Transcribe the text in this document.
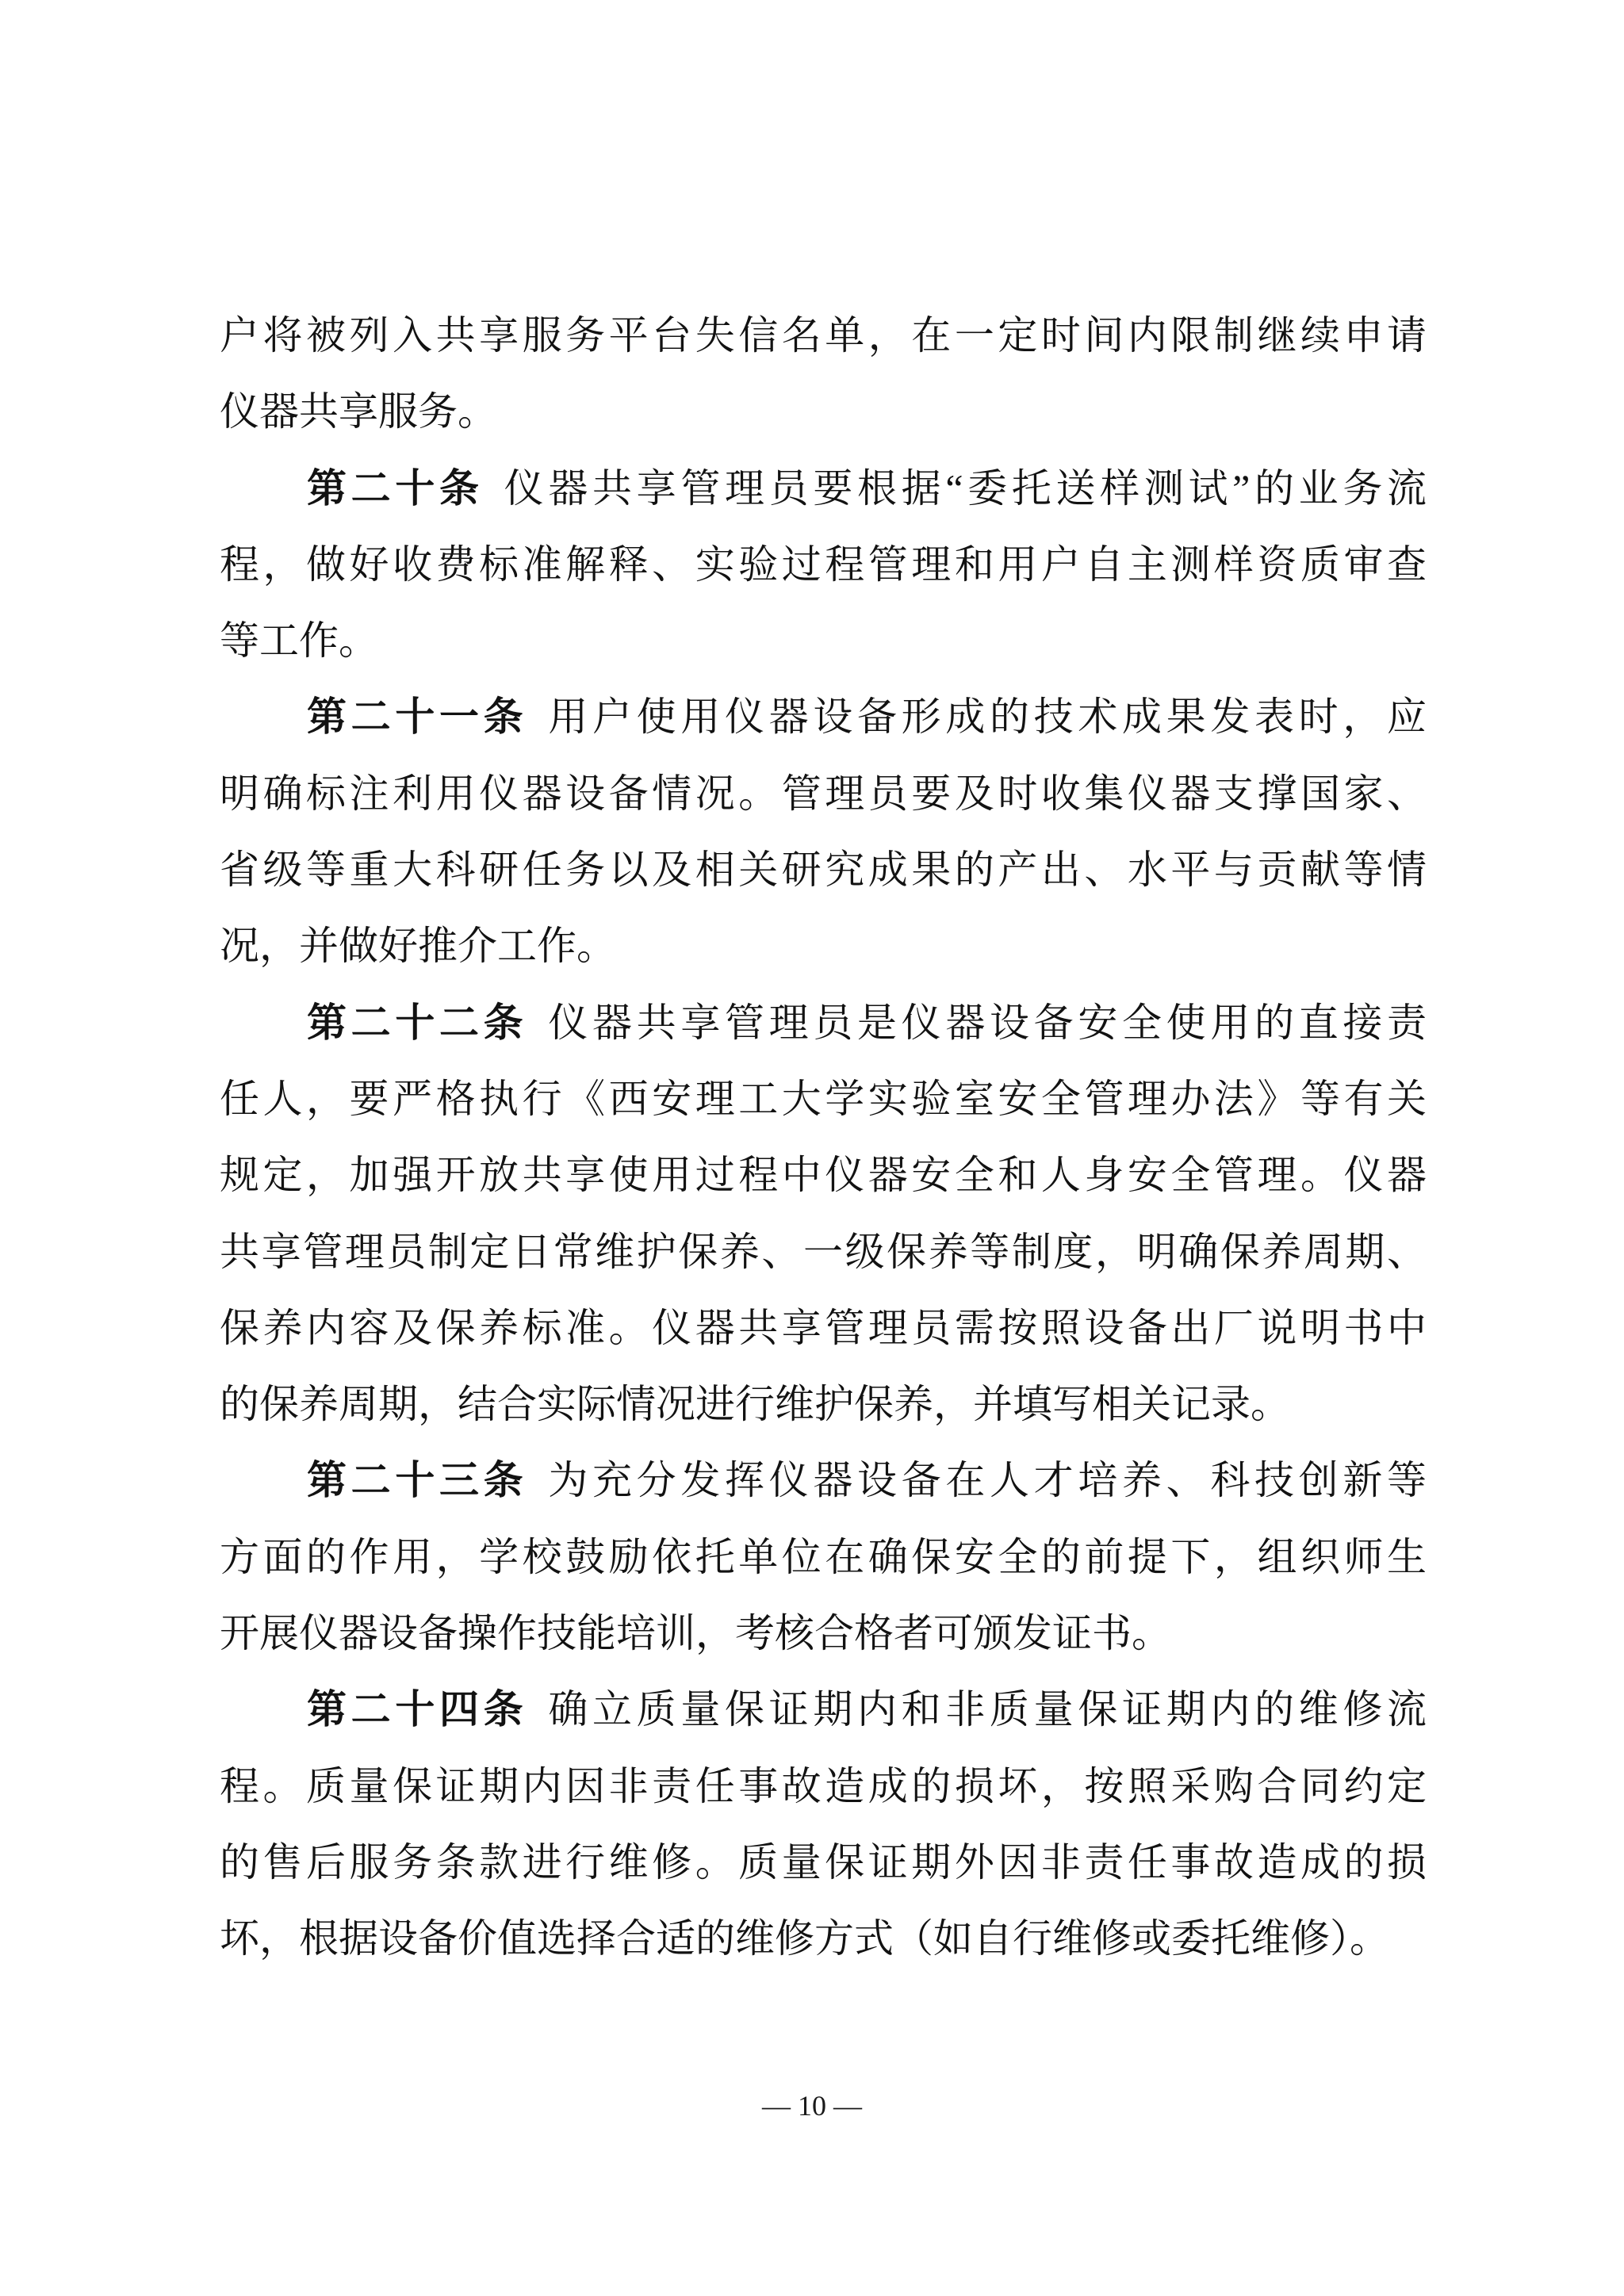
户将被列入共享服务平台失信名单，在一定时间内限制继续申请
仪器共享服务。
第二十条 仪器共享管理员要根据“委托送样测试”的业务流
程，做好收费标准解释、实验过程管理和用户自主测样资质审查
等工作。
第二十一条 用户使用仪器设备形成的技术成果发表时，应
明确标注利用仪器设备情况。管理员要及时收集仪器支撑国家、
省级等重大科研任务以及相关研究成果的产出、水平与贡献等情
况，并做好推介工作。
第二十二条 仪器共享管理员是仪器设备安全使用的直接责
任人，要严格执行《西安理工大学实验室安全管理办法》等有关
规定，加强开放共享使用过程中仪器安全和人身安全管理。仪器
共享管理员制定日常维护保养、一级保养等制度，明确保养周期、
保养内容及保养标准。仪器共享管理员需按照设备出厂说明书中
的保养周期，结合实际情况进行维护保养，并填写相关记录。
第二十三条 为充分发挥仪器设备在人才培养、科技创新等
方面的作用，学校鼓励依托单位在确保安全的前提下，组织师生
开展仪器设备操作技能培训，考核合格者可颁发证书。
第二十四条 确立质量保证期内和非质量保证期内的维修流
程。质量保证期内因非责任事故造成的损坏，按照采购合同约定
的售后服务条款进行维修。质量保证期外因非责任事故造成的损
坏，根据设备价值选择合适的维修方式（如自行维修或委托维修）。
— 10 —
